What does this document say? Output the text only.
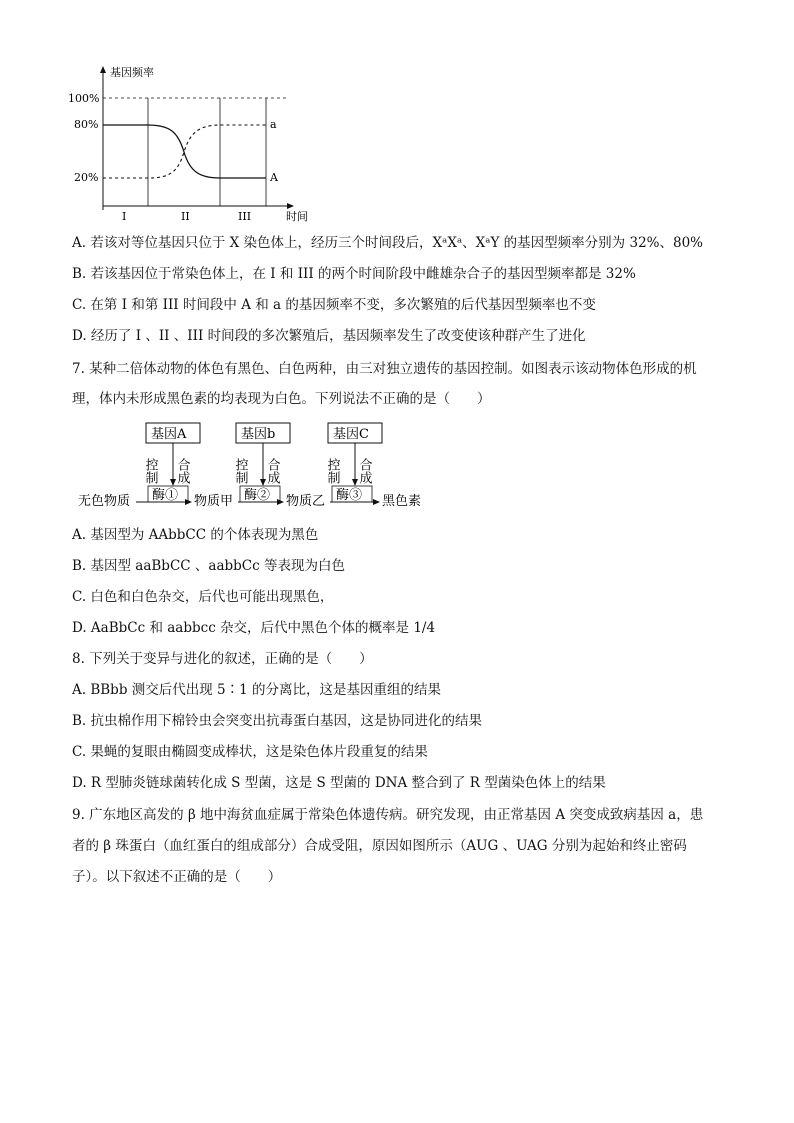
基因频率
时间
100%
80%
20%
I	II	III
a
A
A. 若该对等位基因只位于 X 染色体上，经历三个时间段后，XᵃXᵃ、XᵃY 的基因型频率分别为 32%、80%
B. 若该基因位于常染色体上，在 I 和 III 的两个时间阶段中雌雄杂合子的基因型频率都是 32%
C. 在第 I 和第 III 时间段中 A 和 a 的基因频率不变，多次繁殖的后代基因型频率也不变
D. 经历了 I 、II 、III 时间段的多次繁殖后，基因频率发生了改变使该种群产生了进化
7. 某种二倍体动物的体色有黑色、白色两种，由三对独立遗传的基因控制。如图表示该动物体色形成的机
理，体内未形成黑色素的均表现为白色。下列说法不正确的是（　　）
基因A	基因b	基因C
控制 合成	控制 合成	控制 合成
酶①	酶②	酶③
无色物质	物质甲	物质乙	黑色素
A. 基因型为 AAbbCC 的个体表现为黑色
B. 基因型 aaBbCC 、aabbCc 等表现为白色
C. 白色和白色杂交，后代也可能出现黑色，
D. AaBbCc 和 aabbcc 杂交，后代中黑色个体的概率是 1/4
8. 下列关于变异与进化的叙述，正确的是（　　）
A. BBbb 测交后代出现 5∶1 的分离比，这是基因重组的结果
B. 抗虫棉作用下棉铃虫会突变出抗毒蛋白基因，这是协同进化的结果
C. 果蝇的复眼由椭圆变成棒状，这是染色体片段重复的结果
D. R 型肺炎链球菌转化成 S 型菌，这是 S 型菌的 DNA 整合到了 R 型菌染色体上的结果
9. 广东地区高发的 β 地中海贫血症属于常染色体遗传病。研究发现，由正常基因 A 突变成致病基因 a，患
者的 β 珠蛋白（血红蛋白的组成部分）合成受阻，原因如图所示（AUG 、UAG 分别为起始和终止密码
子）。以下叙述不正确的是（　　）
